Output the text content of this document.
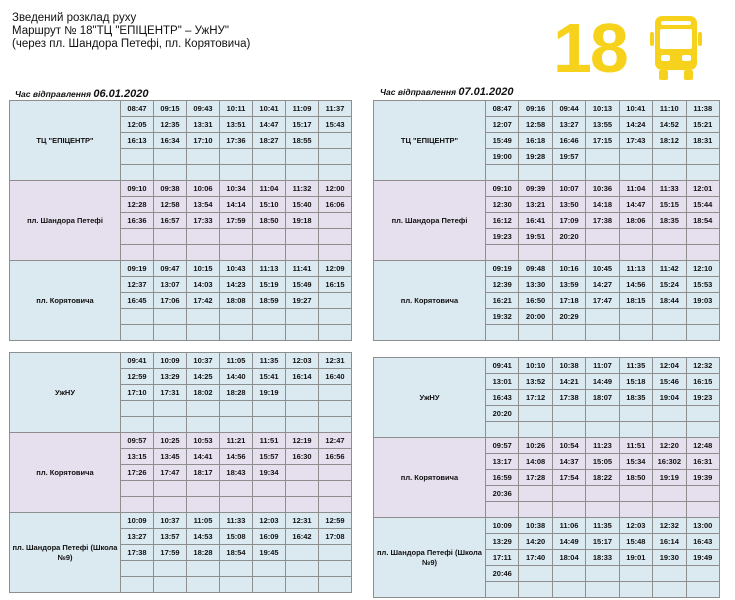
Зведений розклад руху
Маршрут № 18"ТЦ "ЕПІЦЕНТР" – УжНУ"
(через пл. Шандора Петефі, пл. Корятовича)	18
Час відправлення 06.01.2020	Час відправлення 07.01.2020
ТЦ "ЕПІЦЕНТР"	08:47	09:15	09:43	10:11	10:41	11:09	11:37
	12:05	12:35	13:31	13:51	14:47	15:17	15:43
	16:13	16:34	17:10	17:36	18:27	18:55	

пл. Шандора Петефі	09:10	09:38	10:06	10:34	11:04	11:32	12:00
	12:28	12:58	13:54	14:14	15:10	15:40	16:06
	16:36	16:57	17:33	17:59	18:50	19:18	

пл. Корятовича	09:19	09:47	10:15	10:43	11:13	11:41	12:09
	12:37	13:07	14:03	14:23	15:19	15:49	16:15
	16:45	17:06	17:42	18:08	18:59	19:27	

УжНУ	09:41	10:09	10:37	11:05	11:35	12:03	12:31
	12:59	13:29	14:25	14:40	15:41	16:14	16:40
	17:10	17:31	18:02	18:28	19:19		

пл. Корятовича	09:57	10:25	10:53	11:21	11:51	12:19	12:47
	13:15	13:45	14:41	14:56	15:57	16:30	16:56
	17:26	17:47	18:17	18:43	19:34		

пл. Шандора Петефі (Школа №9)	10:09	10:37	11:05	11:33	12:03	12:31	12:59
	13:27	13:57	14:53	15:08	16:09	16:42	17:08
	17:38	17:59	18:28	18:54	19:45		

ТЦ "ЕПІЦЕНТР"	08:47	09:16	09:44	10:13	10:41	11:10	11:38
	12:07	12:58	13:27	13:55	14:24	14:52	15:21
	15:49	16:18	16:46	17:15	17:43	18:12	18:31
	19:00	19:28	19:57				

пл. Шандора Петефі	09:10	09:39	10:07	10:36	11:04	11:33	12:01
	12:30	13:21	13:50	14:18	14:47	15:15	15:44
	16:12	16:41	17:09	17:38	18:06	18:35	18:54
	19:23	19:51	20:20				

пл. Корятовича	09:19	09:48	10:16	10:45	11:13	11:42	12:10
	12:39	13:30	13:59	14:27	14:56	15:24	15:53
	16:21	16:50	17:18	17:47	18:15	18:44	19:03
	19:32	20:00	20:29				

УжНУ	09:41	10:10	10:38	11:07	11:35	12:04	12:32
	13:01	13:52	14:21	14:49	15:18	15:46	16:15
	16:43	17:12	17:38	18:07	18:35	19:04	19:23
	20:20						

пл. Корятовича	09:57	10:26	10:54	11:23	11:51	12:20	12:48
	13:17	14:08	14:37	15:05	15:34	16:302	16:31
	16:59	17:28	17:54	18:22	18:50	19:19	19:39
	20:36						

пл. Шандора Петефі (Школа №9)	10:09	10:38	11:06	11:35	12:03	12:32	13:00
	13:29	14:20	14:49	15:17	15:48	16:14	16:43
	17:11	17:40	18:04	18:33	19:01	19:30	19:49
	20:46						
